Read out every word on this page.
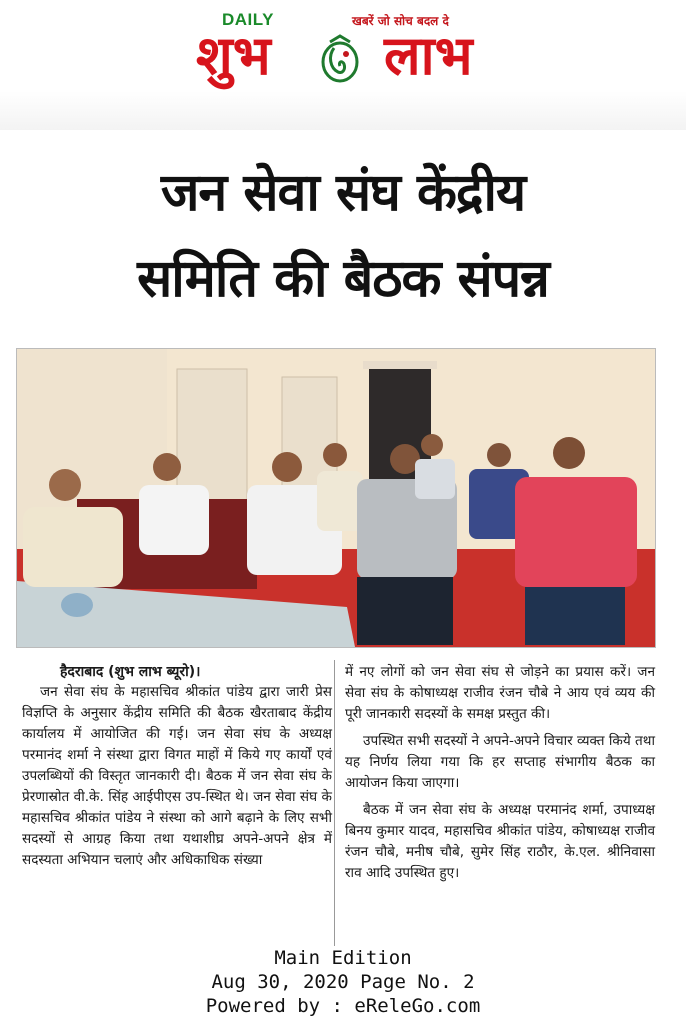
DAILY	खबरें जो सोच बदल दे
शुभ लाभ
जन सेवा संघ केंद्रीय
समिति की बैठक संपन्न
हैदराबाद (शुभ लाभ ब्यूरो)।

जन सेवा संघ के महासचिव श्रीकांत पांडेय द्वारा जारी प्रेस विज्ञप्ति के अनुसार केंद्रीय समिति की बैठक खैरताबाद केंद्रीय कार्यालय में आयोजित की गई। जन सेवा संघ के अध्यक्ष परमानंद शर्मा ने संस्था द्वारा विगत माहों में किये गए कार्यों एवं उपलब्धियों की विस्तृत जानकारी दी। बैठक में जन सेवा संघ के प्रेरणास्रोत वी.के. सिंह आईपीएस उप-स्थित थे। जन सेवा संघ के महासचिव श्रीकांत पांडेय ने संस्था को आगे बढ़ाने के लिए सभी सदस्यों से आग्रह किया तथा यथाशीघ्र अपने-अपने क्षेत्र में सदस्यता अभियान चलाएं और अधिकाधिक संख्या

में नए लोगों को जन सेवा संघ से जोड़ने का प्रयास करें। जन सेवा संघ के कोषाध्यक्ष राजीव रंजन चौबे ने आय एवं व्यय की पूरी जानकारी सदस्यों के समक्ष प्रस्तुत की।

उपस्थित सभी सदस्यों ने अपने-अपने विचार व्यक्त किये तथा यह निर्णय लिया गया कि हर सप्ताह संभागीय बैठक का आयोजन किया जाएगा।

बैठक में जन सेवा संघ के अध्यक्ष परमानंद शर्मा, उपाध्यक्ष बिनय कुमार यादव, महासचिव श्रीकांत पांडेय, कोषाध्यक्ष राजीव रंजन चौबे, मनीष चौबे, सुमेर सिंह राठौर, के.एल. श्रीनिवासा राव आदि उपस्थित हुए।

Main Edition
Aug 30, 2020 Page No. 2
Powered by : eReleGo.com
